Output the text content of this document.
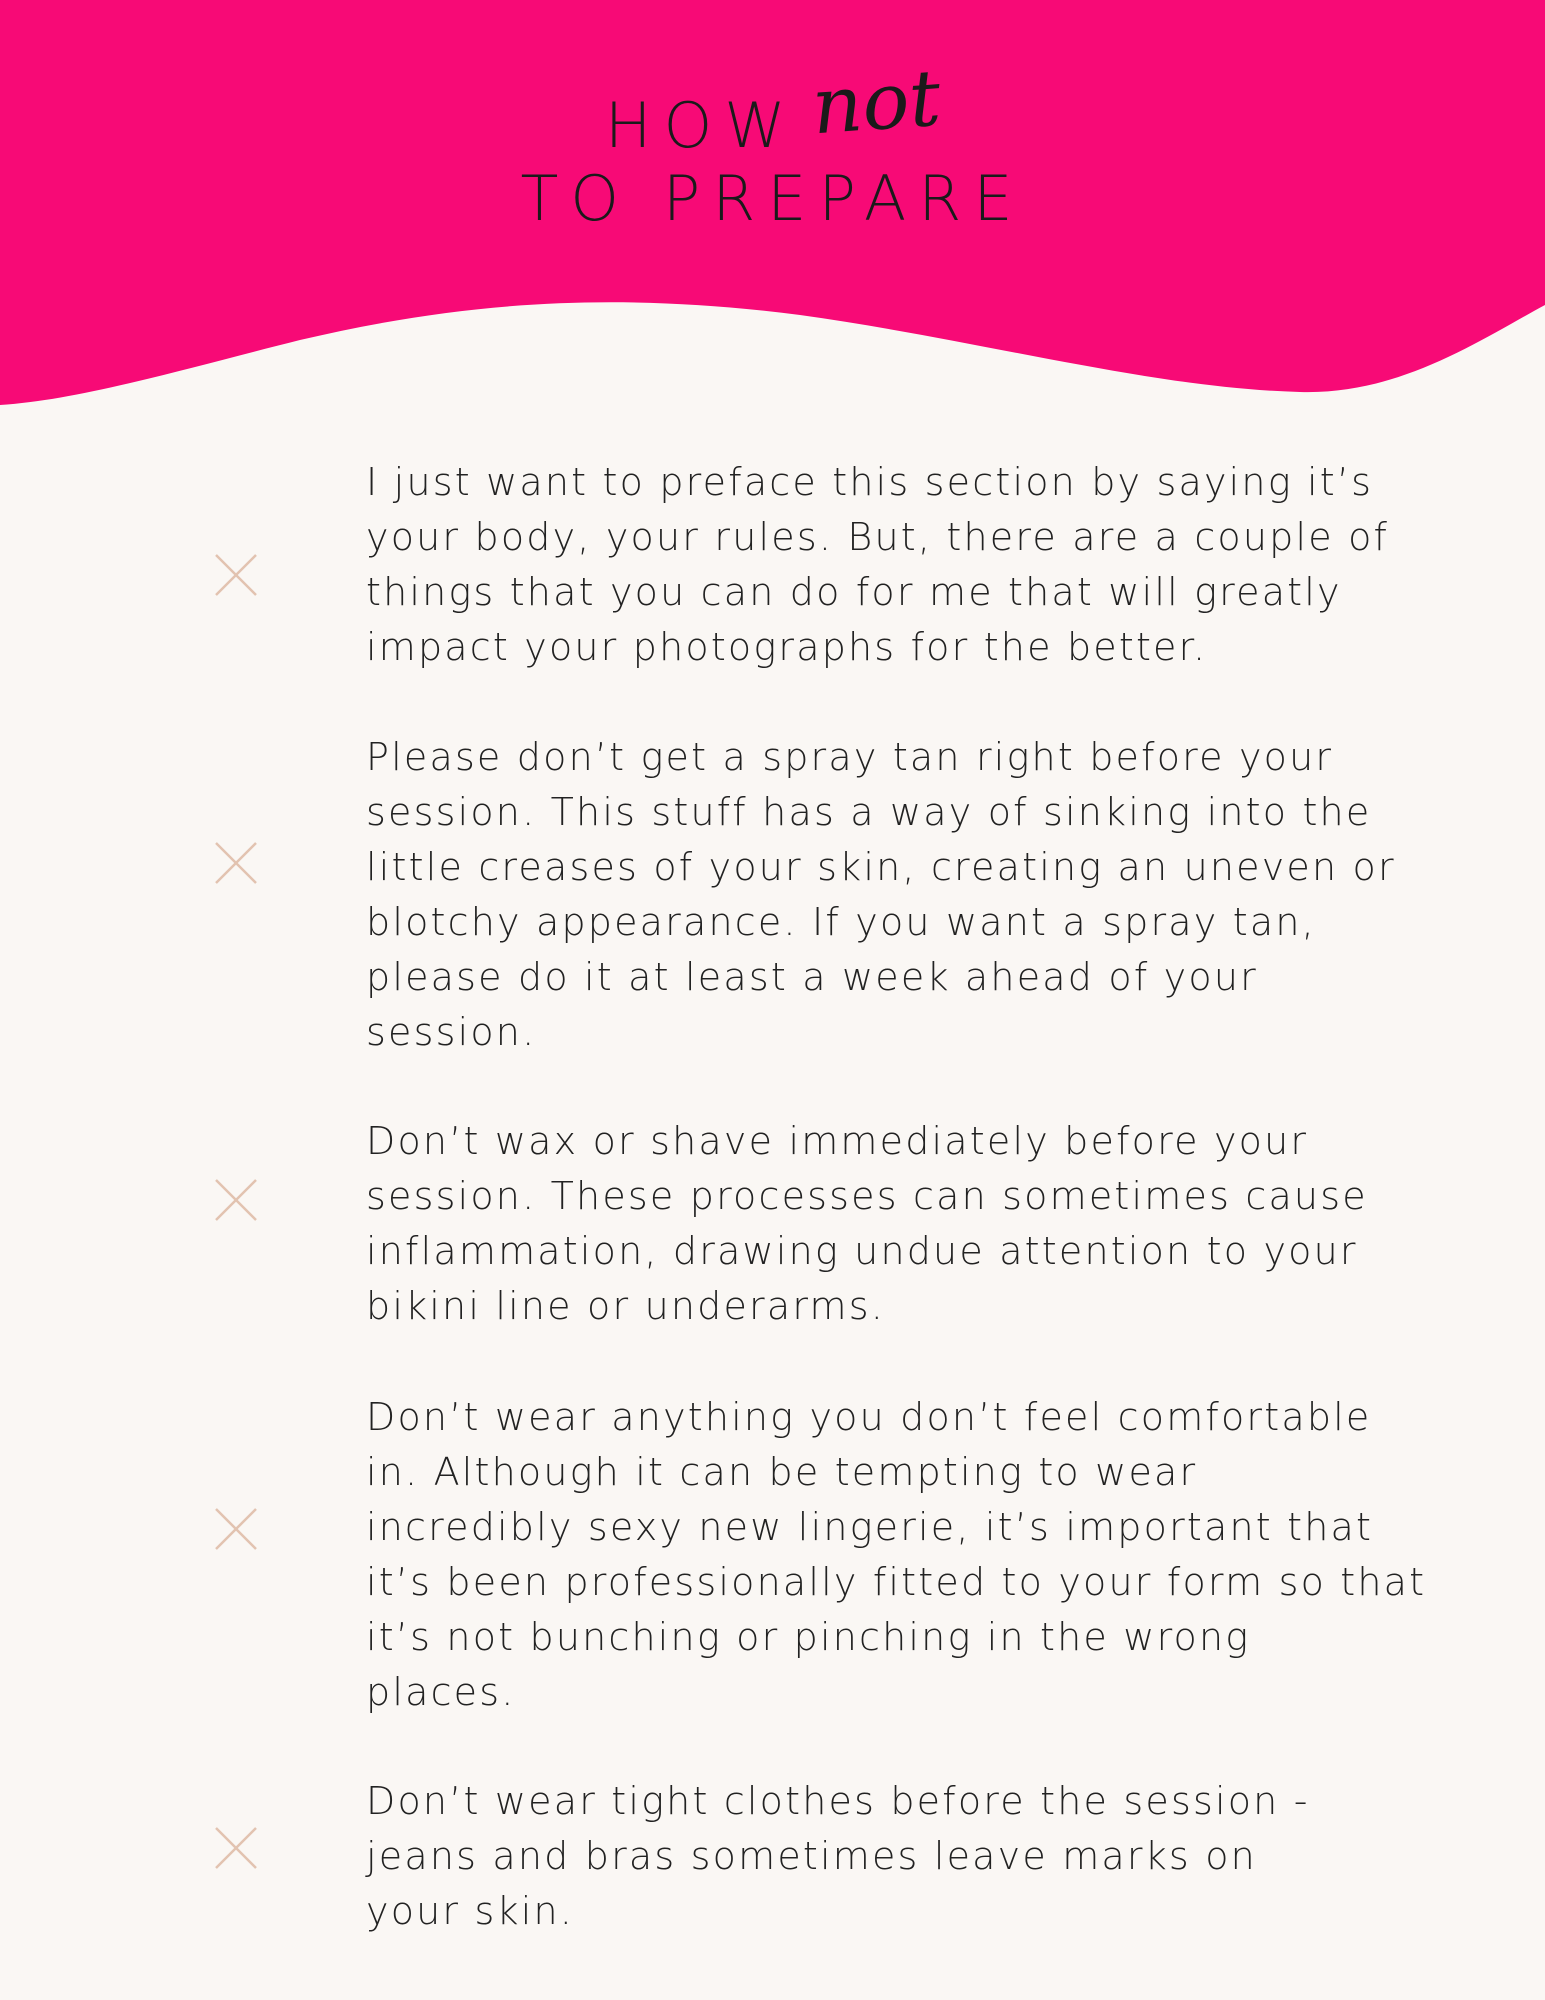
HOW not
TO PREPARE
I just want to preface this section by saying it’s
your body, your rules. But, there are a couple of
things that you can do for me that will greatly
impact your photographs for the better.
Please don’t get a spray tan right before your
session. This stuff has a way of sinking into the
little creases of your skin, creating an uneven or
blotchy appearance. If you want a spray tan,
please do it at least a week ahead of your
session.
Don’t wax or shave immediately before your
session. These processes can sometimes cause
inflammation, drawing undue attention to your
bikini line or underarms.
Don’t wear anything you don’t feel comfortable
in. Although it can be tempting to wear
incredibly sexy new lingerie, it’s important that
it’s been professionally fitted to your form so that
it’s not bunching or pinching in the wrong
places.
Don’t wear tight clothes before the session -
jeans and bras sometimes leave marks on
your skin.
